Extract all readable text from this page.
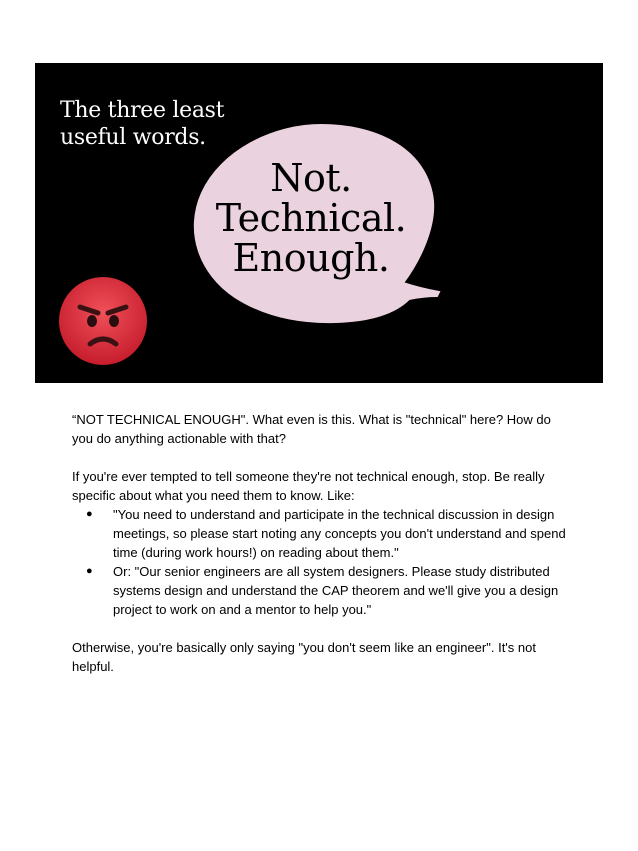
The three least
useful words.
Not.
Technical.
Enough.

“NOT TECHNICAL ENOUGH". What even is this. What is "technical" here? How do you do anything actionable with that?

If you're ever tempted to tell someone they're not technical enough, stop. Be really specific about what you need them to know. Like:

● "You need to understand and participate in the technical discussion in design meetings, so please start noting any concepts you don't understand and spend time (during work hours!) on reading about them."
● Or: "Our senior engineers are all system designers. Please study distributed systems design and understand the CAP theorem and we'll give you a design project to work on and a mentor to help you."

Otherwise, you're basically only saying "you don't seem like an engineer". It's not helpful.
